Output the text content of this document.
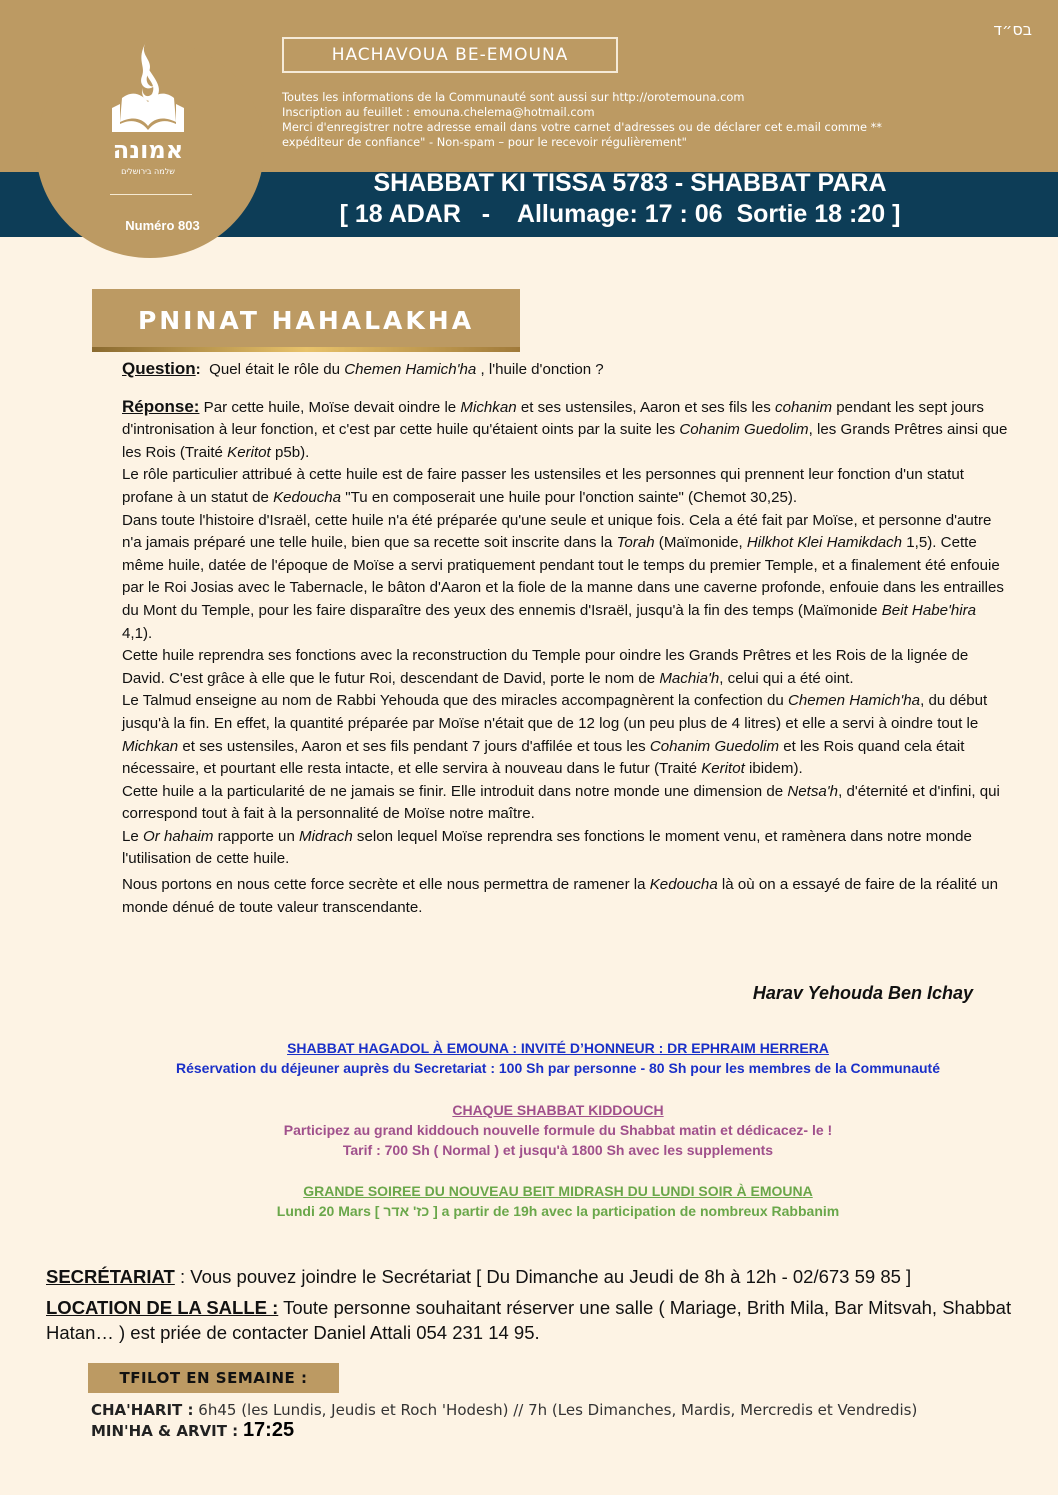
אמונה
שלמה בירושלים
Numéro 803
בס״ד
HACHAVOUA BE-EMOUNA
Toutes les informations de la Communauté sont aussi sur http://orotemouna.com
Inscription au feuillet : emouna.chelema@hotmail.com
Merci d'enregistrer notre adresse email dans votre carnet d'adresses ou de déclarer cet e.mail comme **
expéditeur de confiance" - Non-spam – pour le recevoir régulièrement"
SHABBAT KI TISSA 5783 - SHABBAT PARA
[ 18 ADAR   -    Allumage: 17 : 06  Sortie 18 :20 ]
PNINAT HAHALAKHA

Question: Quel était le rôle du Chemen Hamich'ha , l'huile d'onction ?

Réponse: Par cette huile, Moïse devait oindre le Michkan et ses ustensiles, Aaron et ses fils les cohanim pendant les sept jours d'intronisation à leur fonction, et c'est par cette huile qu'étaient oints par la suite les Cohanim Guedolim, les Grands Prêtres ainsi que les Rois (Traité Keritot p5b).

Le rôle particulier attribué à cette huile est de faire passer les ustensiles et les personnes qui prennent leur fonction d'un statut profane à un statut de Kedoucha "Tu en composerait une huile pour l'onction sainte" (Chemot 30,25).

Dans toute l'histoire d'Israël, cette huile n'a été préparée qu'une seule et unique fois. Cela a été fait par Moïse, et personne d'autre n'a jamais préparé une telle huile, bien que sa recette soit inscrite dans la Torah (Maïmonide, Hilkhot Klei Hamikdach 1,5). Cette même huile, datée de l'époque de Moïse a servi pratiquement pendant tout le temps du premier Temple, et a finalement été enfouie par le Roi Josias avec le Tabernacle, le bâton d'Aaron et la fiole de la manne dans une caverne profonde, enfouie dans les entrailles du Mont du Temple, pour les faire disparaître des yeux des ennemis d'Israël, jusqu'à la fin des temps (Maïmonide Beit Habe'hira 4,1).

Cette huile reprendra ses fonctions avec la reconstruction du Temple pour oindre les Grands Prêtres et les Rois de la lignée de David. C'est grâce à elle que le futur Roi, descendant de David, porte le nom de Machia'h, celui qui a été oint.

Le Talmud enseigne au nom de Rabbi Yehouda que des miracles accompagnèrent la confection du Chemen Hamich'ha, du début jusqu'à la fin. En effet, la quantité préparée par Moïse n'était que de 12 log (un peu plus de 4 litres) et elle a servi à oindre tout le Michkan et ses ustensiles, Aaron et ses fils pendant 7 jours d'affilée et tous les Cohanim Guedolim et les Rois quand cela était nécessaire, et pourtant elle resta intacte, et elle servira à nouveau dans le futur (Traité Keritot ibidem).

Cette huile a la particularité de ne jamais se finir. Elle introduit dans notre monde une dimension de Netsa'h, d'éternité et d'infini, qui correspond tout à fait à la personnalité de Moïse notre maître.

Le Or hahaim rapporte un Midrach selon lequel Moïse reprendra ses fonctions le moment venu, et ramènera dans notre monde l'utilisation de cette huile.

Nous portons en nous cette force secrète et elle nous permettra de ramener la Kedoucha là où on a essayé de faire de la réalité un monde dénué de toute valeur transcendante.

Harav Yehouda Ben Ichay
SHABBAT HAGADOL À EMOUNA : INVITÉ D’HONNEUR : DR EPHRAIM HERRERA
Réservation du déjeuner auprès du Secretariat : 100 Sh par personne - 80 Sh pour les membres de la Communauté
CHAQUE SHABBAT KIDDOUCH
Participez au grand kiddouch nouvelle formule du Shabbat matin et dédicacez- le !
Tarif : 700 Sh ( Normal ) et jusqu'à 1800 Sh avec les supplements
GRANDE SOIREE DU NOUVEAU BEIT MIDRASH DU LUNDI SOIR À EMOUNA
Lundi 20 Mars [ כז' אדר ] a partir de 19h avec la participation de nombreux Rabbanim

SECRÉTARIAT : Vous pouvez joindre le Secrétariat [ Du Dimanche au Jeudi de 8h à 12h - 02/673 59 85 ]

LOCATION DE LA SALLE : Toute personne souhaitant réserver une salle ( Mariage, Brith Mila, Bar Mitsvah, Shabbat Hatan… ) est priée de contacter Daniel Attali 054 231 14 95.

TFILOT EN SEMAINE :
CHA'HARIT : 6h45 (les Lundis, Jeudis et Roch 'Hodesh) // 7h (Les Dimanches, Mardis, Mercredis et Vendredis)
MIN'HA & ARVIT : 17:25
